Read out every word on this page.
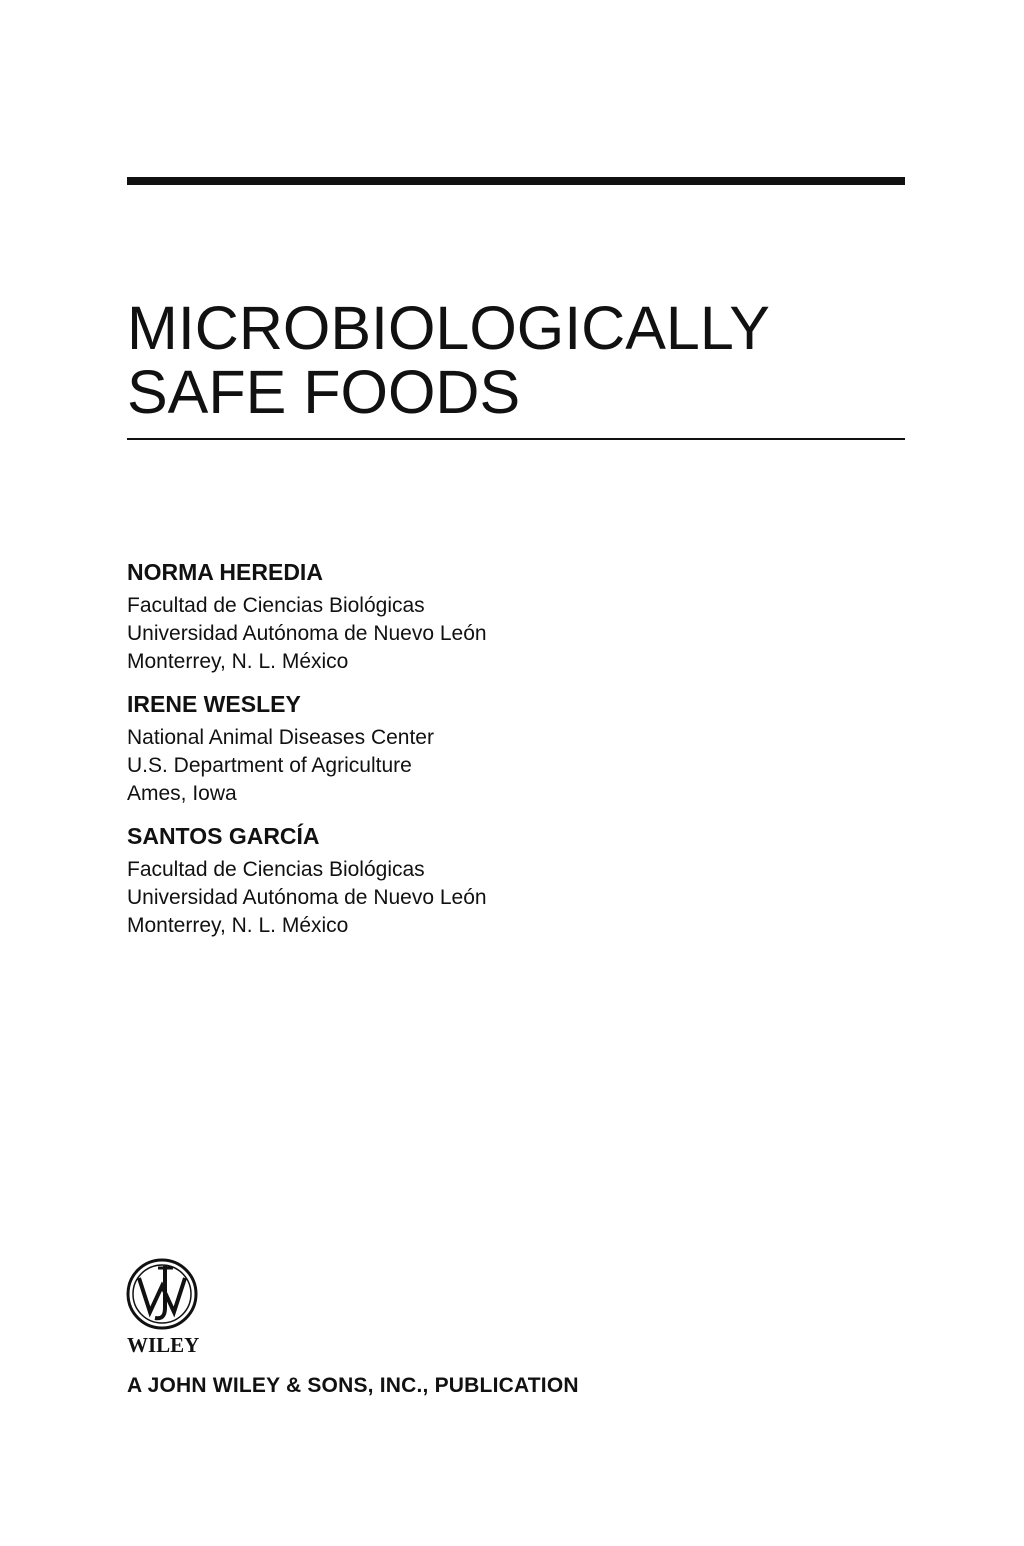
MICROBIOLOGICALLY
SAFE FOODS
NORMA HEREDIA
Facultad de Ciencias Biológicas
Universidad Autónoma de Nuevo León
Monterrey, N. L. México
IRENE WESLEY
National Animal Diseases Center
U.S. Department of Agriculture
Ames, Iowa
SANTOS GARCÍA
Facultad de Ciencias Biológicas
Universidad Autónoma de Nuevo León
Monterrey, N. L. México
WILEY
A JOHN WILEY & SONS, INC., PUBLICATION
